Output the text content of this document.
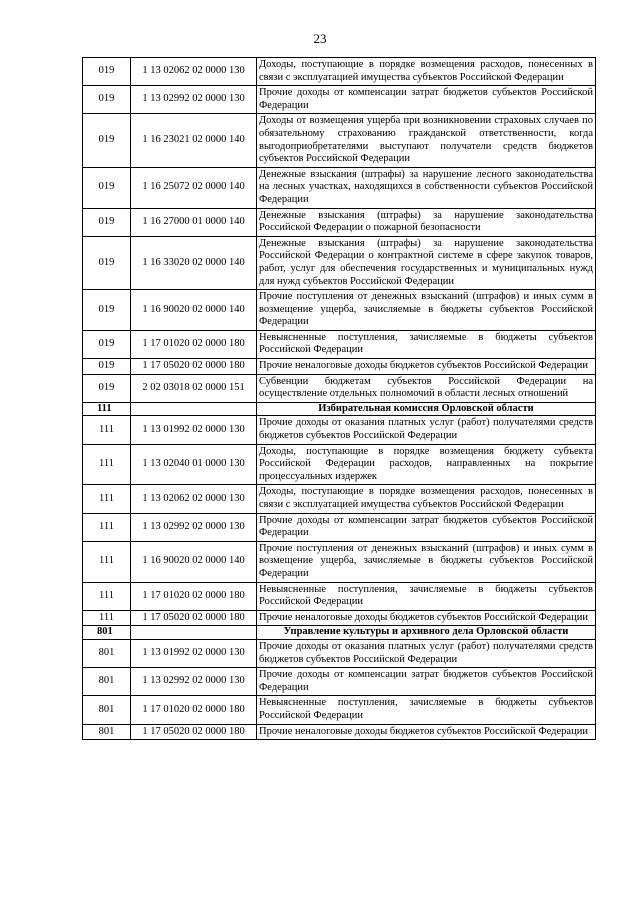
23
019	1 13 02062 02 0000 130	Доходы, поступающие в порядке возмещения расходов, понесенных в связи с эксплуатацией имущества субъектов Российской Федерации
019	1 13 02992 02 0000 130	Прочие доходы от компенсации затрат бюджетов субъектов Российской Федерации
019	1 16 23021 02 0000 140	Доходы от возмещения ущерба при возникновении страховых случаев по обязательному страхованию гражданской ответственности, когда выгодоприобретателями выступают получатели средств бюджетов субъектов Российской Федерации
019	1 16 25072 02 0000 140	Денежные взыскания (штрафы) за нарушение лесного законодательства на лесных участках, находящихся в собственности субъектов Российской Федерации
019	1 16 27000 01 0000 140	Денежные взыскания (штрафы) за нарушение законодательства Российской Федерации о пожарной безопасности
019	1 16 33020 02 0000 140	Денежные взыскания (штрафы) за нарушение законодательства Российской Федерации о контрактной системе в сфере закупок товаров, работ, услуг для обеспечения государственных и муниципальных нужд для нужд субъектов Российской Федерации
019	1 16 90020 02 0000 140	Прочие поступления от денежных взысканий (штрафов) и иных сумм в возмещение ущерба, зачисляемые в бюджеты субъектов Российской Федерации
019	1 17 01020 02 0000 180	Невыясненные поступления, зачисляемые в бюджеты субъектов Российской Федерации
019	1 17 05020 02 0000 180	Прочие неналоговые доходы бюджетов субъектов Российской Федерации
019	2 02 03018 02 0000 151	Субвенции бюджетам субъектов Российской Федерации на осуществление отдельных полномочий в области лесных отношений
111		Избирательная комиссия Орловской области
111	1 13 01992 02 0000 130	Прочие доходы от оказания платных услуг (работ) получателями средств бюджетов субъектов Российской Федерации
111	1 13 02040 01 0000 130	Доходы, поступающие в порядке возмещения бюджету субъекта Российской Федерации расходов, направленных на покрытие процессуальных издержек
111	1 13 02062 02 0000 130	Доходы, поступающие в порядке возмещения расходов, понесенных в связи с эксплуатацией имущества субъектов Российской Федерации
111	1 13 02992 02 0000 130	Прочие доходы от компенсации затрат бюджетов субъектов Российской Федерации
111	1 16 90020 02 0000 140	Прочие поступления от денежных взысканий (штрафов) и иных сумм в возмещение ущерба, зачисляемые в бюджеты субъектов Российской Федерации
111	1 17 01020 02 0000 180	Невыясненные поступления, зачисляемые в бюджеты субъектов Российской Федерации
111	1 17 05020 02 0000 180	Прочие неналоговые доходы бюджетов субъектов Российской Федерации
801		Управление культуры и архивного дела Орловской области
801	1 13 01992 02 0000 130	Прочие доходы от оказания платных услуг (работ) получателями средств бюджетов субъектов Российской Федерации
801	1 13 02992 02 0000 130	Прочие доходы от компенсации затрат бюджетов субъектов Российской Федерации
801	1 17 01020 02 0000 180	Невыясненные поступления, зачисляемые в бюджеты субъектов Российской Федерации
801	1 17 05020 02 0000 180	Прочие неналоговые доходы бюджетов субъектов Российской Федерации
